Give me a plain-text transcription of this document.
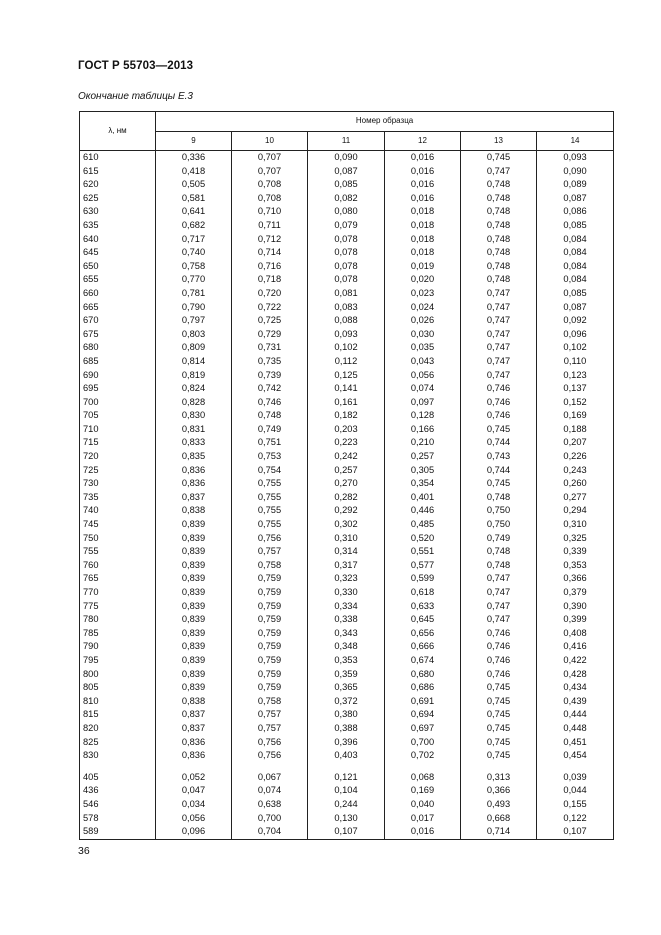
ГОСТ Р 55703—2013
Окончание таблицы Е.3
λ, нм	Номер образца					
	9	10	11	12	13	14
610	0,336	0,707	0,090	0,016	0,745	0,093
615	0,418	0,707	0,087	0,016	0,747	0,090
620	0,505	0,708	0,085	0,016	0,748	0,089
625	0,581	0,708	0,082	0,016	0,748	0,087
630	0,641	0,710	0,080	0,018	0,748	0,086
635	0,682	0,711	0,079	0,018	0,748	0,085
640	0,717	0,712	0,078	0,018	0,748	0,084
645	0,740	0,714	0,078	0,018	0,748	0,084
650	0,758	0,716	0,078	0,019	0,748	0,084
655	0,770	0,718	0,078	0,020	0,748	0,084
660	0,781	0,720	0,081	0,023	0,747	0,085
665	0,790	0,722	0,083	0,024	0,747	0,087
670	0,797	0,725	0,088	0,026	0,747	0,092
675	0,803	0,729	0,093	0,030	0,747	0,096
680	0,809	0,731	0,102	0,035	0,747	0,102
685	0,814	0,735	0,112	0,043	0,747	0,110
690	0,819	0,739	0,125	0,056	0,747	0,123
695	0,824	0,742	0,141	0,074	0,746	0,137
700	0,828	0,746	0,161	0,097	0,746	0,152
705	0,830	0,748	0,182	0,128	0,746	0,169
710	0,831	0,749	0,203	0,166	0,745	0,188
715	0,833	0,751	0,223	0,210	0,744	0,207
720	0,835	0,753	0,242	0,257	0,743	0,226
725	0,836	0,754	0,257	0,305	0,744	0,243
730	0,836	0,755	0,270	0,354	0,745	0,260
735	0,837	0,755	0,282	0,401	0,748	0,277
740	0,838	0,755	0,292	0,446	0,750	0,294
745	0,839	0,755	0,302	0,485	0,750	0,310
750	0,839	0,756	0,310	0,520	0,749	0,325
755	0,839	0,757	0,314	0,551	0,748	0,339
760	0,839	0,758	0,317	0,577	0,748	0,353
765	0,839	0,759	0,323	0,599	0,747	0,366
770	0,839	0,759	0,330	0,618	0,747	0,379
775	0,839	0,759	0,334	0,633	0,747	0,390
780	0,839	0,759	0,338	0,645	0,747	0,399
785	0,839	0,759	0,343	0,656	0,746	0,408
790	0,839	0,759	0,348	0,666	0,746	0,416
795	0,839	0,759	0,353	0,674	0,746	0,422
800	0,839	0,759	0,359	0,680	0,746	0,428
805	0,839	0,759	0,365	0,686	0,745	0,434
810	0,838	0,758	0,372	0,691	0,745	0,439
815	0,837	0,757	0,380	0,694	0,745	0,444
820	0,837	0,757	0,388	0,697	0,745	0,448
825	0,836	0,756	0,396	0,700	0,745	0,451
830	0,836	0,756	0,403	0,702	0,745	0,454

405	0,052	0,067	0,121	0,068	0,313	0,039
436	0,047	0,074	0,104	0,169	0,366	0,044
546	0,034	0,638	0,244	0,040	0,493	0,155
578	0,056	0,700	0,130	0,017	0,668	0,122
589	0,096	0,704	0,107	0,016	0,714	0,107
36
